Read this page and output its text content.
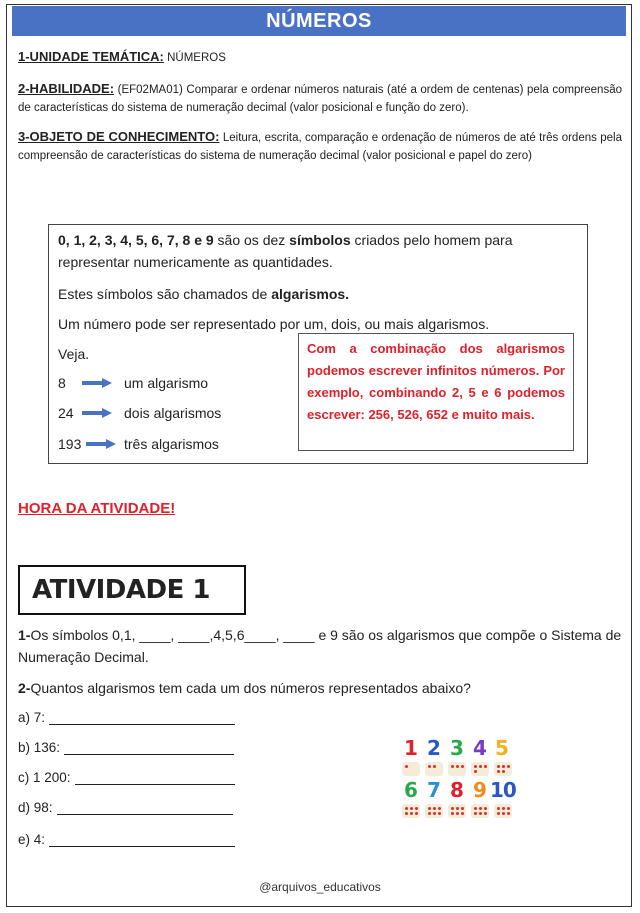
NÚMEROS
1-UNIDADE TEMÁTICA: NÚMEROS
2-HABILIDADE: (EF02MA01) Comparar e ordenar números naturais (até a ordem de centenas) pela compreensão de características do sistema de numeração decimal (valor posicional e função do zero).
3-OBJETO DE CONHECIMENTO: Leitura, escrita, comparação e ordenação de números de até três ordens pela compreensão de características do sistema de numeração decimal (valor posicional e papel do zero)
0, 1, 2, 3, 4, 5, 6, 7, 8 e 9 são os dez símbolos criados pelo homem para
representar numericamente as quantidades.
Estes símbolos são chamados de algarismos.
Um número pode ser representado por um, dois, ou mais algarismos.
Veja.
8	um algarismo
24	dois algarismos
193	três algarismos
Com a combinação dos algarismos podemos escrever infinitos números. Por exemplo, combinando 2, 5 e 6 podemos escrever: 256, 526, 652 e muito mais.
HORA DA ATIVIDADE!
ATIVIDADE 1
1-Os símbolos 0,1, ____, ____,4,5,6____, ____ e 9 são os algarismos que compõe o Sistema de Numeração Decimal.
2-Quantos algarismos tem cada um dos números representados abaixo?
a) 7:
b) 136:
c) 1 200:
d) 98:
e) 4:
1 2 3 4 5
6 7 8 9 10
@arquivos_educativos
